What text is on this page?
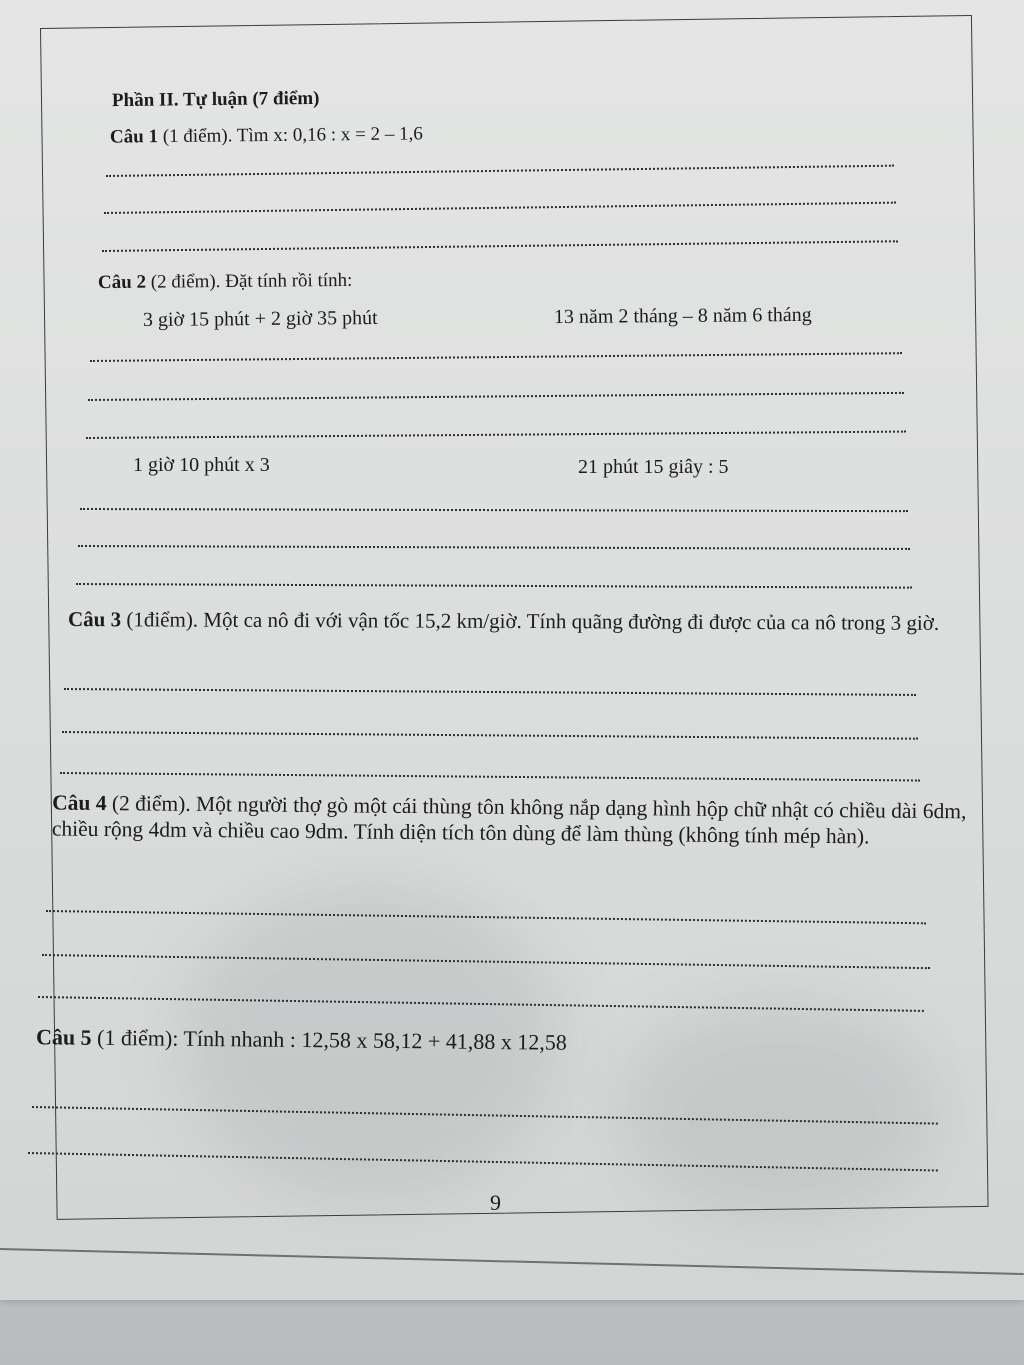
Phần II. Tự luận (7 điểm)
Câu 1 (1 điểm). Tìm x: 0,16 : x = 2 – 1,6
Câu 2 (2 điểm). Đặt tính rồi tính:
3 giờ 15 phút + 2 giờ 35 phút	13 năm 2 tháng – 8 năm 6 tháng
1 giờ 10 phút x 3	21 phút 15 giây : 5
Câu 3 (1điểm). Một ca nô đi với vận tốc 15,2 km/giờ. Tính quãng đường đi được của ca nô trong 3 giờ.
Câu 4 (2 điểm). Một người thợ gò một cái thùng tôn không nắp dạng hình hộp chữ nhật có chiều dài 6dm, chiều rộng 4dm và chiều cao 9dm. Tính diện tích tôn dùng để làm thùng (không tính mép hàn).
Câu 5 (1 điểm): Tính nhanh : 12,58 x 58,12 + 41,88 x 12,58
9
